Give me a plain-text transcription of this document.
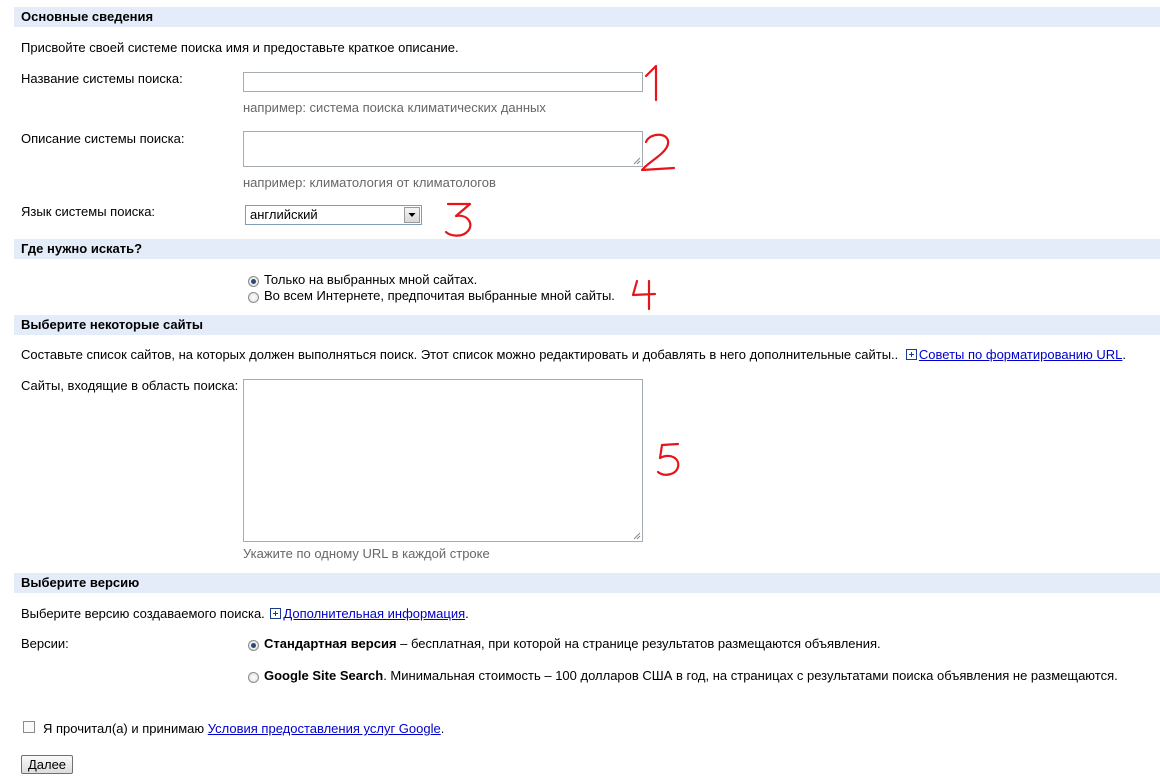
Основные сведения
Присвойте своей системе поиска имя и предоставьте краткое описание.
Название системы поиска:
например: система поиска климатических данных
Описание системы поиска:
например: климатология от климатологов
Язык системы поиска:	английский
Где нужно искать?
Только на выбранных мной сайтах.
Во всем Интернете, предпочитая выбранные мной сайты.
Выберите некоторые сайты
Составьте список сайтов, на которых должен выполняться поиск. Этот список можно редактировать и добавлять в него дополнительные сайты.. Советы по форматированию URL.
Сайты, входящие в область поиска:
Укажите по одному URL в каждой строке
Выберите версию
Выберите версию создаваемого поиска. Дополнительная информация.
Версии:	Стандартная версия – бесплатная, при которой на странице результатов размещаются объявления.
Google Site Search. Минимальная стоимость – 100 долларов США в год, на страницах с результатами поиска объявления не размещаются.
Я прочитал(а) и принимаю Условия предоставления услуг Google.
Далее
